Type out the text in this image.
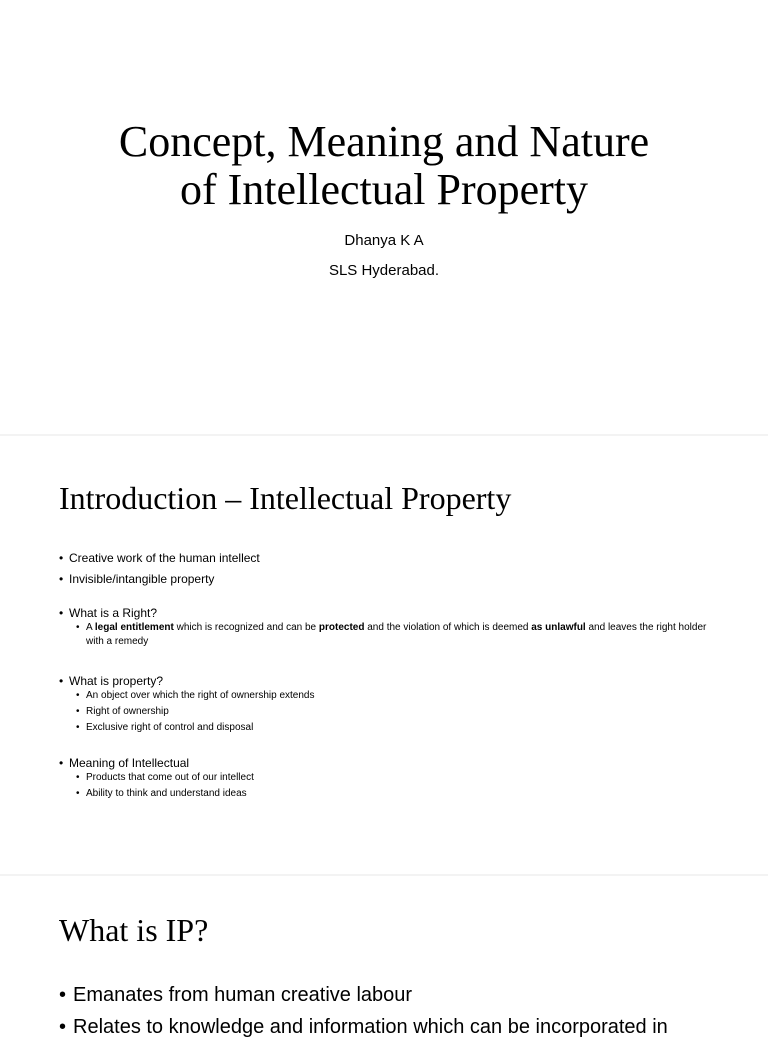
Concept, Meaning and Nature
of Intellectual Property
Dhanya K A
SLS Hyderabad.
Introduction – Intellectual Property
• Creative work of the human intellect
• Invisible/intangible property
• What is a Right?
• A legal entitlement which is recognized and can be protected and the violation of which is deemed as unlawful and leaves the right holder with a remedy
• What is property?
• An object over which the right of ownership extends
• Right of ownership
• Exclusive right of control and disposal
• Meaning of Intellectual
• Products that come out of our intellect
• Ability to think and understand ideas
What is IP?
• Emanates from human creative labour
• Relates to knowledge and information which can be incorporated in
